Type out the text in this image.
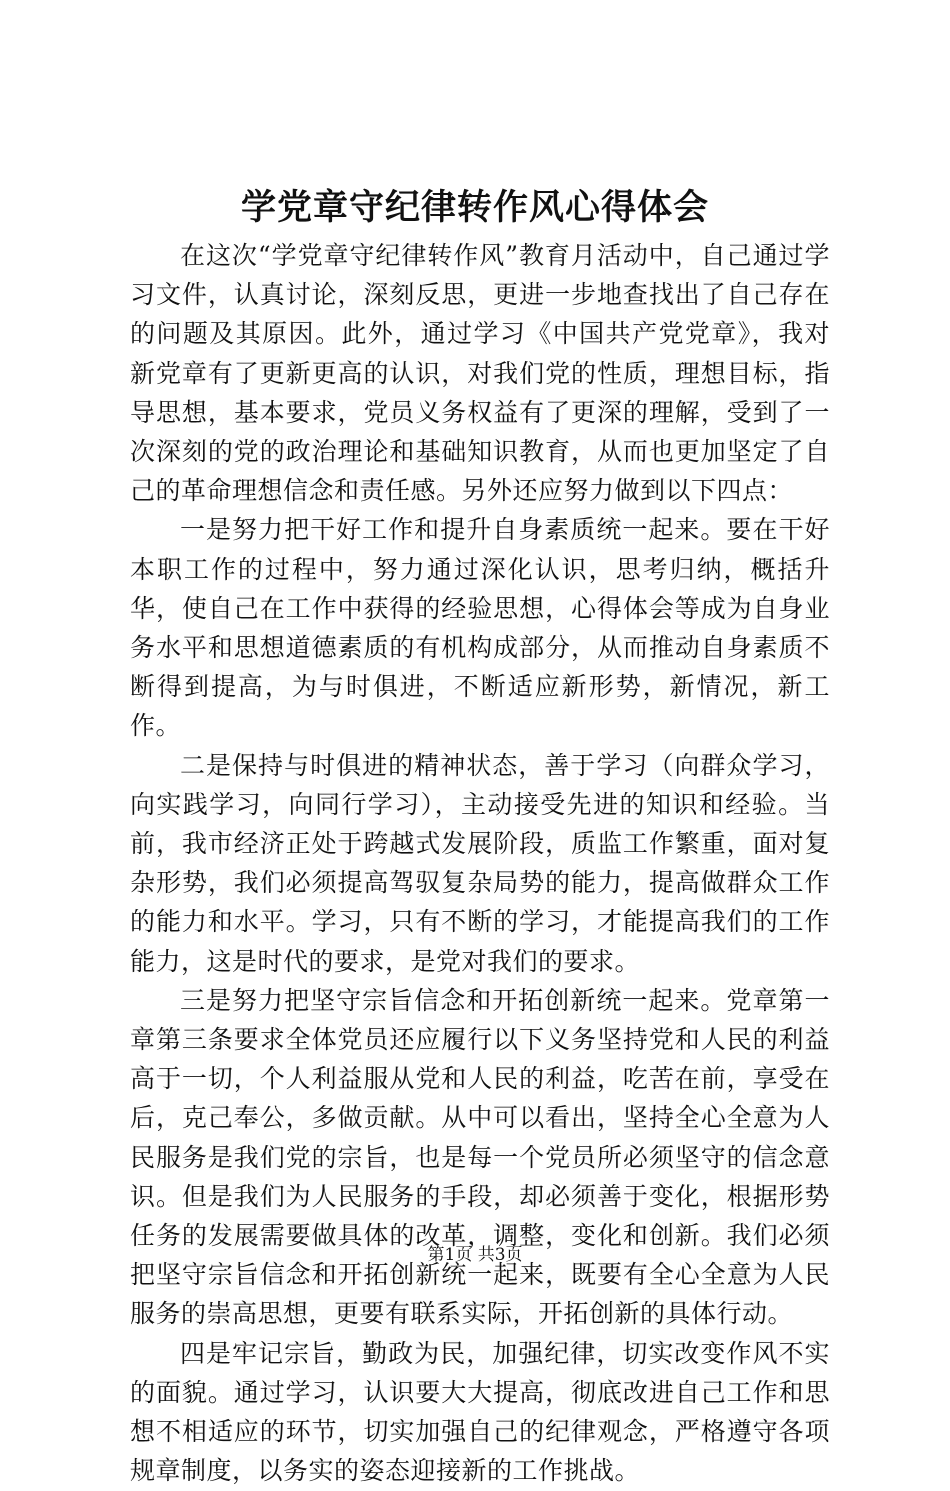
学党章守纪律转作风心得体会

在这次“学党章守纪律转作风”教育月活动中，自己通过学习文件，认真讨论，深刻反思，更进一步地查找出了自己存在的问题及其原因。此外，通过学习《中国共产党党章》，我对新党章有了更新更高的认识，对我们党的性质，理想目标，指导思想，基本要求，党员义务权益有了更深的理解，受到了一次深刻的党的政治理论和基础知识教育，从而也更加坚定了自己的革命理想信念和责任感。另外还应努力做到以下四点：

一是努力把干好工作和提升自身素质统一起来。要在干好本职工作的过程中，努力通过深化认识，思考归纳，概括升华，使自己在工作中获得的经验思想，心得体会等成为自身业务水平和思想道德素质的有机构成部分，从而推动自身素质不断得到提高，为与时俱进，不断适应新形势，新情况，新工作。

二是保持与时俱进的精神状态，善于学习（向群众学习，向实践学习，向同行学习），主动接受先进的知识和经验。当前，我市经济正处于跨越式发展阶段，质监工作繁重，面对复杂形势，我们必须提高驾驭复杂局势的能力，提高做群众工作的能力和水平。学习，只有不断的学习，才能提高我们的工作能力，这是时代的要求，是党对我们的要求。

三是努力把坚守宗旨信念和开拓创新统一起来。党章第一章第三条要求全体党员还应履行以下义务坚持党和人民的利益高于一切，个人利益服从党和人民的利益，吃苦在前，享受在后，克己奉公，多做贡献。从中可以看出，坚持全心全意为人民服务是我们党的宗旨，也是每一个党员所必须坚守的信念意识。但是我们为人民服务的手段，却必须善于变化，根据形势任务的发展需要做具体的改革，调整，变化和创新。我们必须把坚守宗旨信念和开拓创新统一起来，既要有全心全意为人民服务的崇高思想，更要有联系实际，开拓创新的具体行动。

四是牢记宗旨，勤政为民，加强纪律，切实改变作风不实的面貌。通过学习，认识要大大提高，彻底改进自己工作和思想不相适应的环节，切实加强自己的纪律观念，严格遵守各项规章制度，以务实的姿态迎接新的工作挑战。

第1页 共3页
